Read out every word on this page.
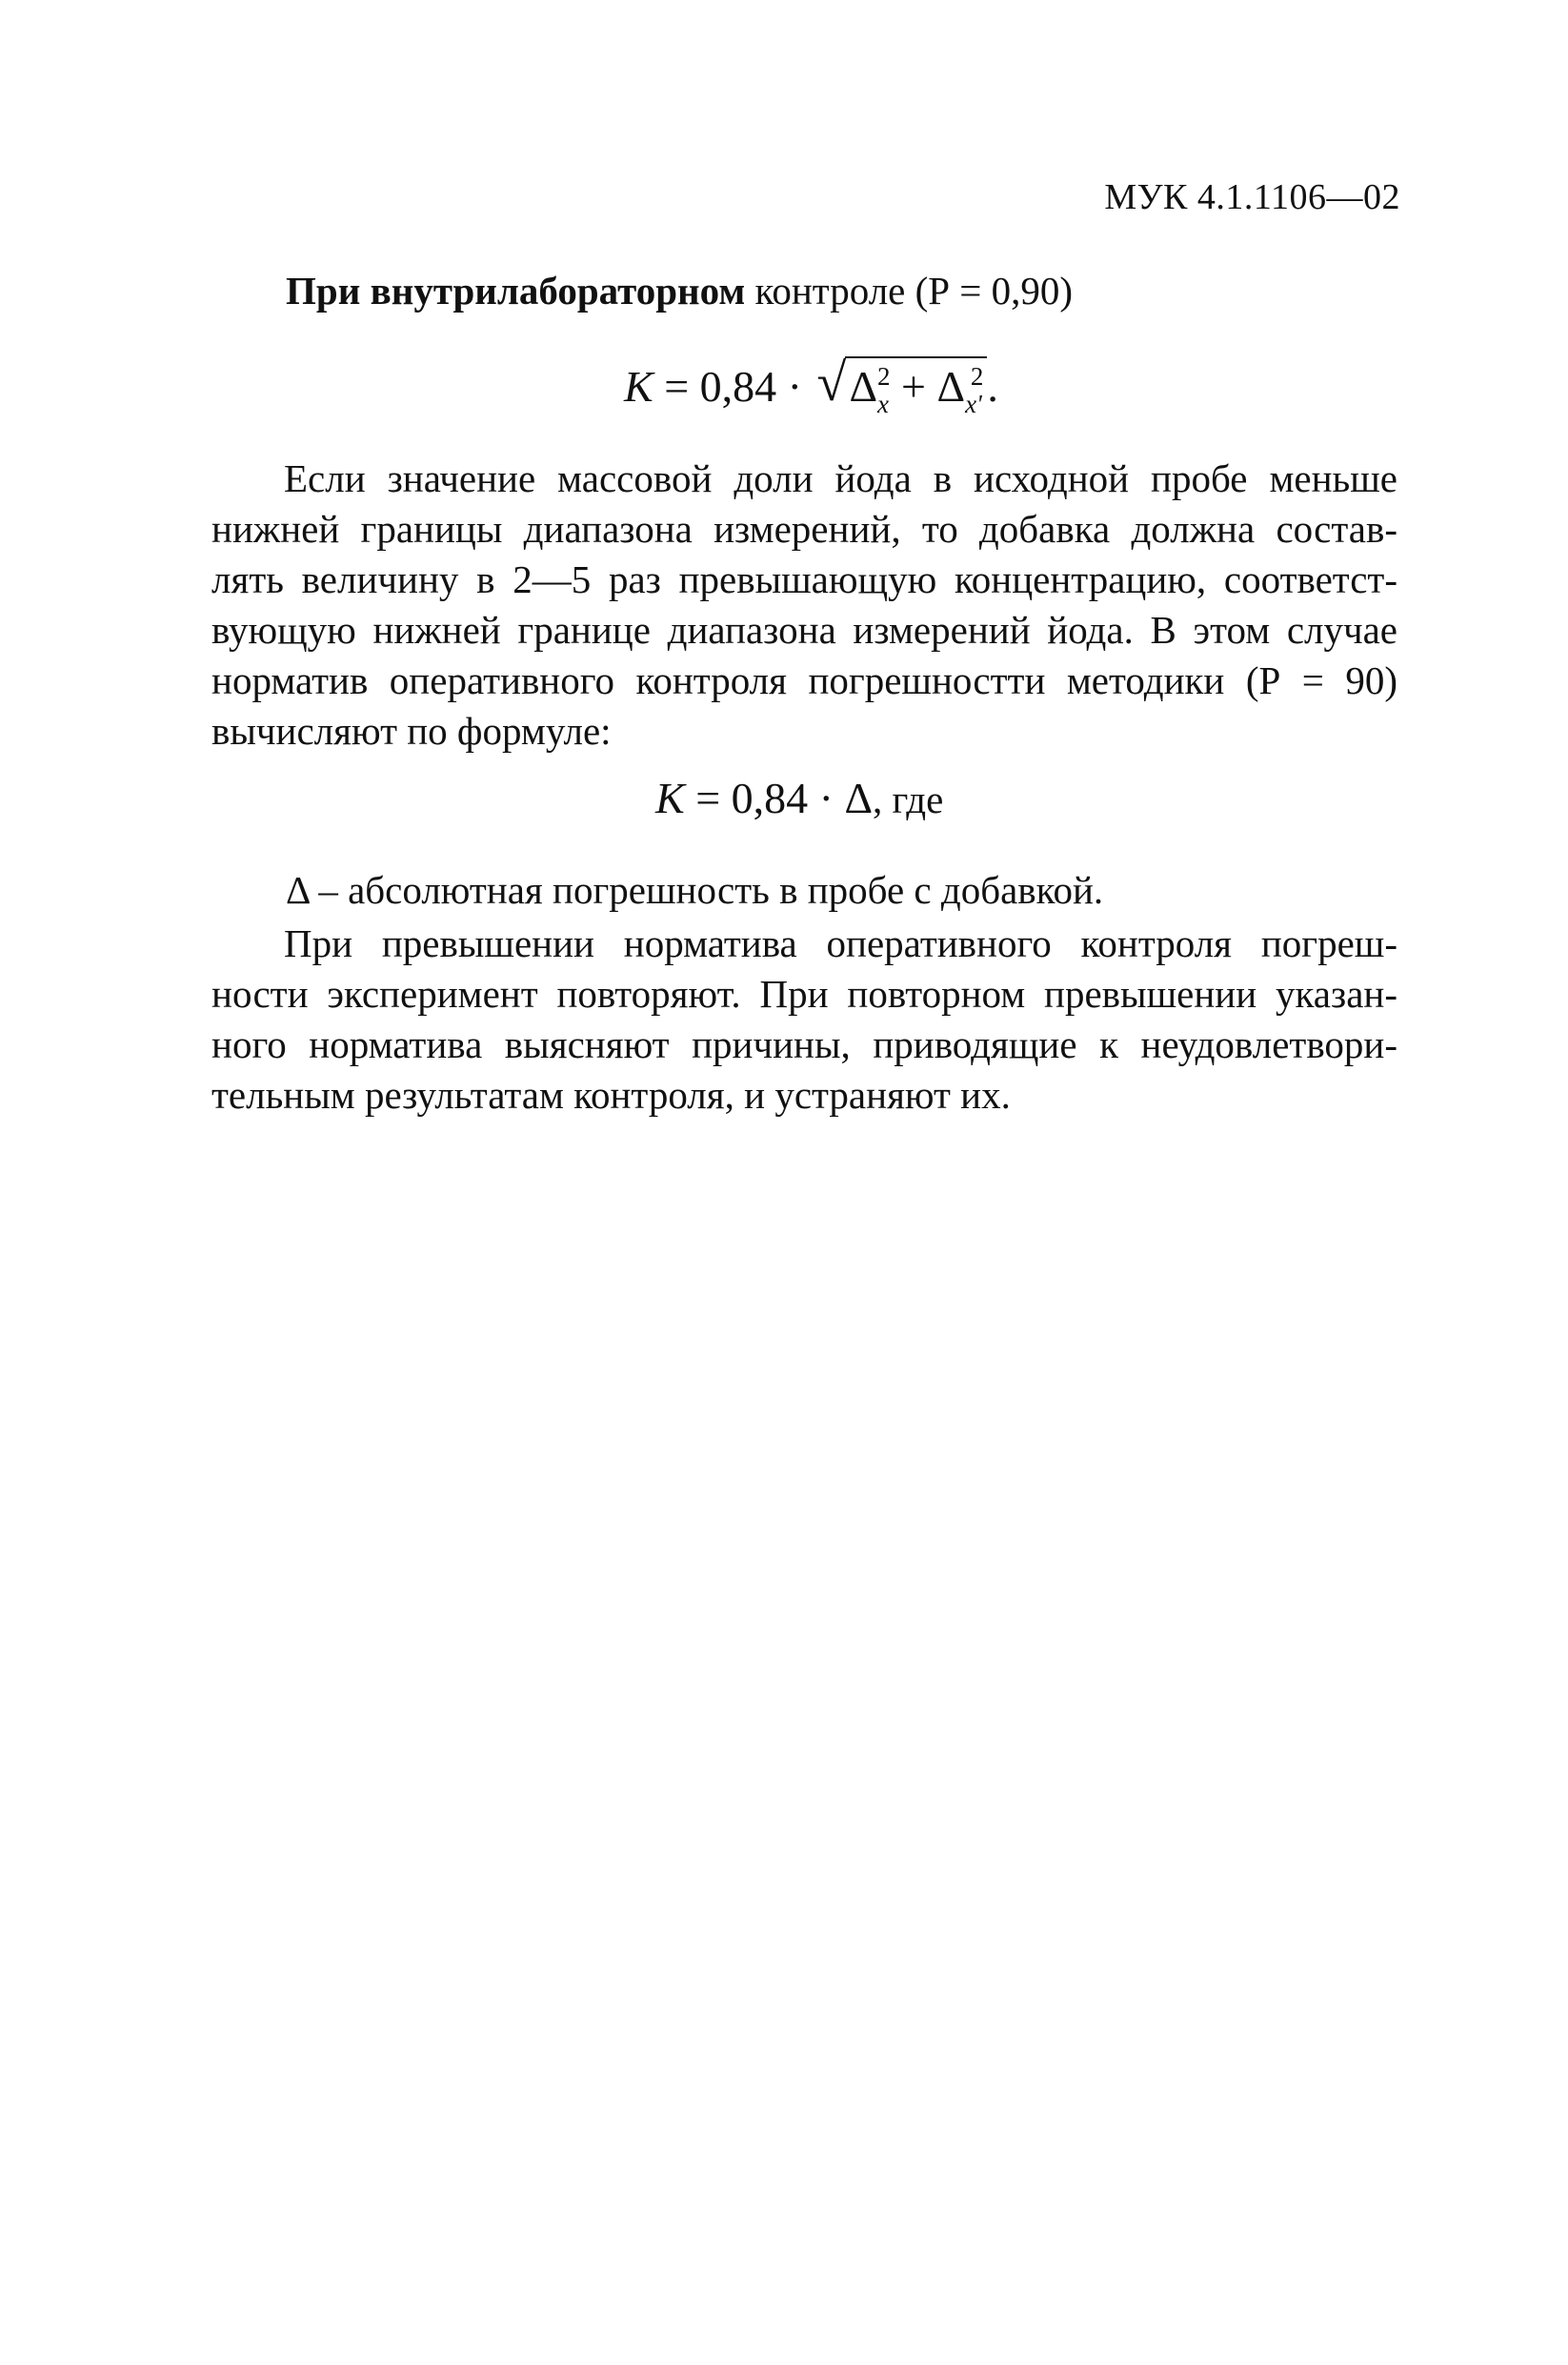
МУК 4.1.1106—02
При внутрилабораторном контроле (Р = 0,90)
K = 0,84 · √ $\Delta_x^2 + \Delta_{x'}^2$.
Если значение массовой доли йода в исходной пробе меньше
нижней границы диапазона измерений, то добавка должна состав-
лять величину в 2—5 раз превышающую концентрацию, соответст-
вующую нижней границе диапазона измерений йода. В этом случае
норматив оперативного контроля погрешностти методики (Р = 90)
вычисляют по формуле:
K = 0,84 · Δ, где
Δ – абсолютная погрешность в пробе с добавкой.
При превышении норматива оперативного контроля погреш-
ности эксперимент повторяют. При повторном превышении указан-
ного норматива выясняют причины, приводящие к неудовлетвори-
тельным результатам контроля, и устраняют их.
